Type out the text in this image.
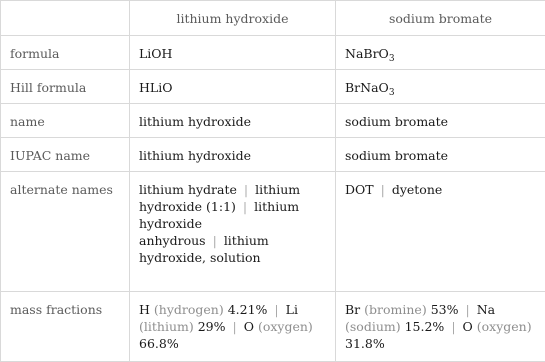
	lithium hydroxide	sodium bromate
formula	LiOH	NaBrO$_3$
Hill formula	HLiO	BrNaO$_3$
name	lithium hydroxide	sodium bromate
IUPAC name	lithium hydroxide	sodium bromate
alternate names	lithium hydrate | lithium hydroxide (1:1) | lithium hydroxide anhydrous | lithium hydroxide, solution	DOT | dyetone
mass fractions	H (hydrogen) 4.21% | Li (lithium) 29% | O (oxygen) 66.8%	Br (bromine) 53% | Na (sodium) 15.2% | O (oxygen) 31.8%
